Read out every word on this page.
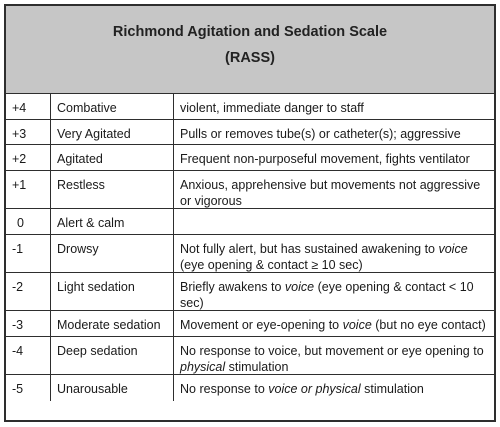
Richmond Agitation and Sedation Scale
(RASS)
+4	Combative	violent, immediate danger to staff
+3	Very Agitated	Pulls or removes tube(s) or catheter(s); aggressive
+2	Agitated	Frequent non-purposeful movement, fights ventilator
+1	Restless	Anxious, apprehensive but movements not aggressive or vigorous
0	Alert & calm
-1	Drowsy	Not fully alert, but has sustained awakening to voice (eye opening & contact ≥ 10 sec)
-2	Light sedation	Briefly awakens to voice (eye opening & contact < 10 sec)
-3	Moderate sedation	Movement or eye-opening to voice (but no eye contact)
-4	Deep sedation	No response to voice, but movement or eye opening to physical stimulation
-5	Unarousable	No response to voice or physical stimulation
